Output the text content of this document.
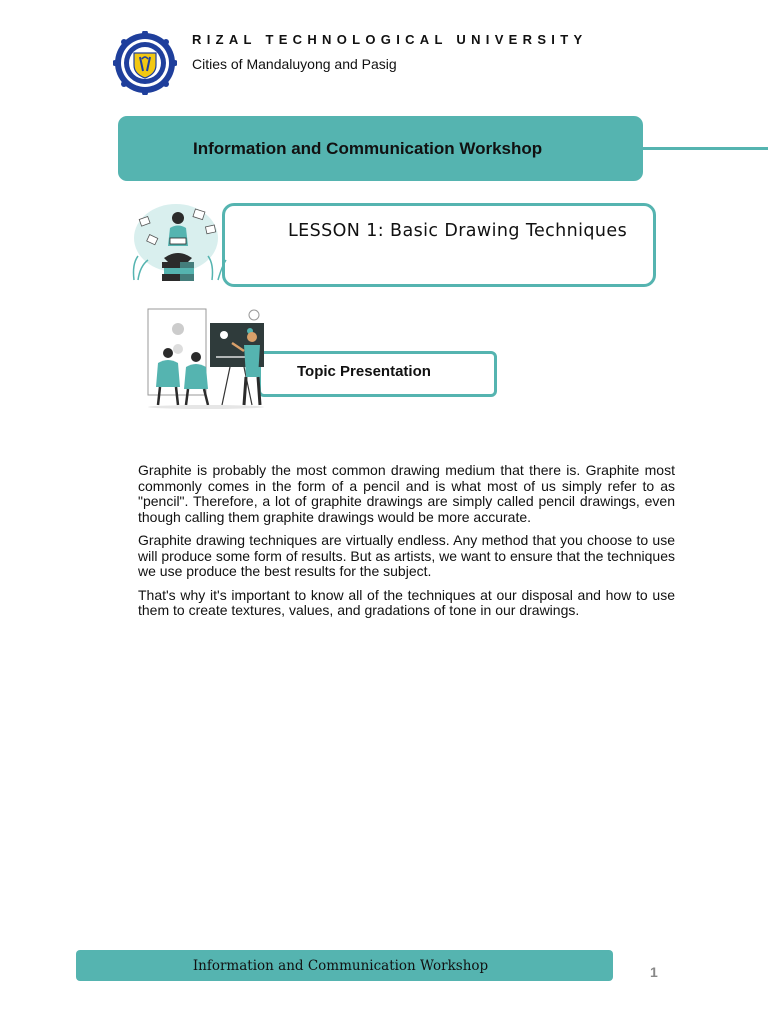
RIZAL TECHNOLOGICAL UNIVERSITY
Cities of Mandaluyong and Pasig
Information and Communication Workshop
LESSON 1: Basic Drawing Techniques
Topic Presentation

Graphite is probably the most common drawing medium that there is. Graphite most commonly comes in the form of a pencil and is what most of us simply refer to as "pencil". Therefore, a lot of graphite drawings are simply called pencil drawings, even though calling them graphite drawings would be more accurate.

Graphite drawing techniques are virtually endless. Any method that you choose to use will produce some form of results. But as artists, we want to ensure that the techniques we use produce the best results for the subject.

That's why it's important to know all of the techniques at our disposal and how to use them to create textures, values, and gradations of tone in our drawings.

Information and Communication Workshop	1
